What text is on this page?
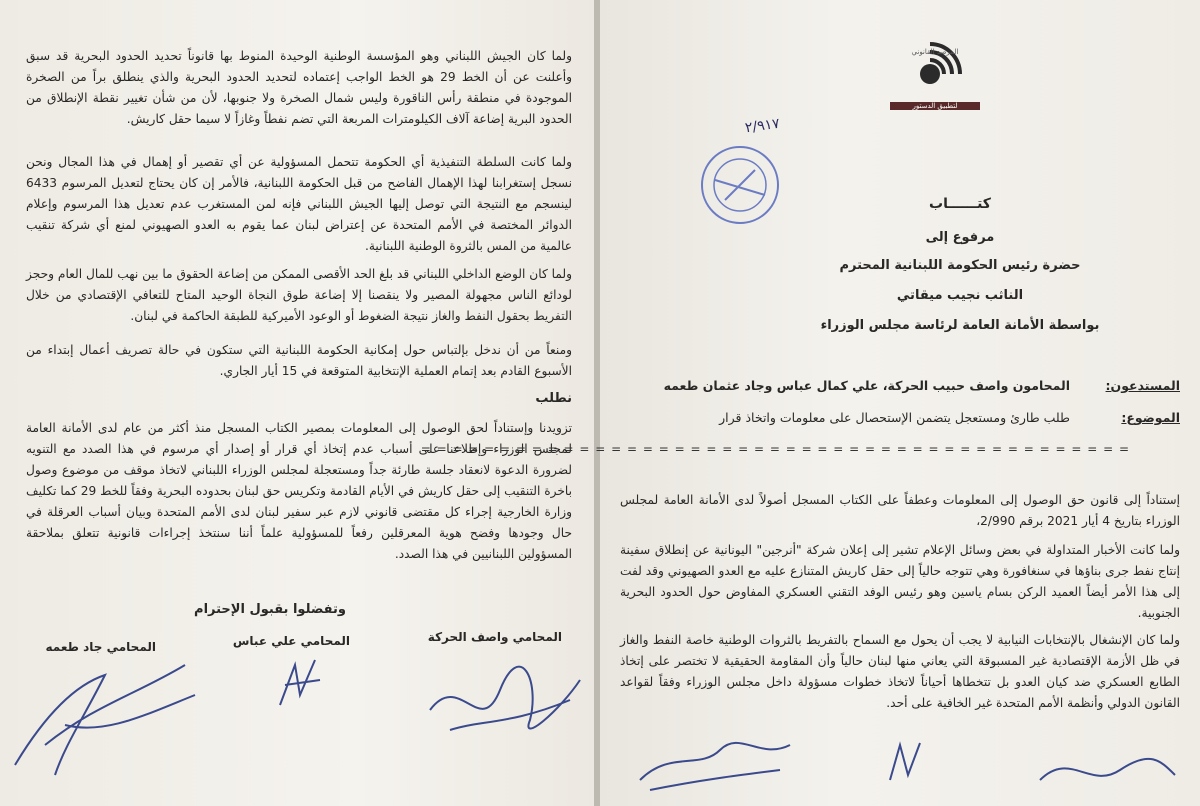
ولما كان الجيش اللبناني وهو المؤسسة الوطنية الوحيدة المنوط بها قانوناً تحديد الحدود البحرية قد سبق وأعلنت عن أن الخط 29 هو الخط الواجب إعتماده لتحديد الحدود البحرية والذي ينطلق براً من الصخرة الموجودة في منطقة رأس الناقورة وليس شمال الصخرة ولا جنوبها، لأن من شأن تغيير نقطة الإنطلاق من الحدود البرية إضاعة آلاف الكيلومترات المربعة التي تضم نفطاً وغازاً لا سيما حقل كاريش.
ولما كانت السلطة التنفيذية أي الحكومة تتحمل المسؤولية عن أي تقصير أو إهمال في هذا المجال ونحن نسجل إستغرابنا لهذا الإهمال الفاضح من قبل الحكومة اللبنانية، فالأمر إن كان يحتاج لتعديل المرسوم 6433 لينسجم مع النتيجة التي توصل إليها الجيش اللبناني فإنه لمن المستغرب عدم تعديل هذا المرسوم وإعلام الدوائر المختصة في الأمم المتحدة عن إعتراض لبنان عما يقوم به العدو الصهيوني لمنع أي شركة تنقيب عالمية من المس بالثروة الوطنية اللبنانية.
ولما كان الوضع الداخلي اللبناني قد بلغ الحد الأقصى الممكن من إضاعة الحقوق ما بين نهب للمال العام وحجز لودائع الناس مجهولة المصير ولا ينقصنا إلا إضاعة طوق النجاة الوحيد المتاح للتعافي الإقتصادي من خلال التفريط بحقول النفط والغاز نتيجة الضغوط أو الوعود الأميركية للطبقة الحاكمة في لبنان.
ومنعاً من أن ندخل بإلتباس حول إمكانية الحكومة اللبنانية التي ستكون في حالة تصريف أعمال إبتداء من الأسبوع القادم بعد إتمام العملية الإنتخابية المتوقعة في 15 أيار الجاري.
نطلب
تزويدنا وإستناداً لحق الوصول إلى المعلومات بمصير الكتاب المسجل منذ أكثر من عام لدى الأمانة العامة لمجلس الوزراء وإطلاعنا على أسباب عدم إتخاذ أي قرار أو إصدار أي مرسوم في هذا الصدد مع التنويه لضرورة الدعوة لانعقاد جلسة طارئة جداً ومستعجلة لمجلس الوزراء اللبناني لاتخاذ موقف من موضوع وصول باخرة التنقيب إلى حقل كاريش في الأيام القادمة وتكريس حق لبنان بحدوده البحرية وفقاً للخط 29 كما تكليف وزارة الخارجية إجراء كل مقتضى قانوني لازم عبر سفير لبنان لدى الأمم المتحدة وبيان أسباب العرقلة في حال وجودها وفضح هوية المعرقلين رفعاً للمسؤولية علماً أننا سنتخذ إجراءات قانونية تتعلق بملاحقة المسؤولين اللبنانيين في هذا الصدد.
وتفضلوا بقبول الإحترام
المحامي واصف الحركة
المحامي علي عباس
المحامي جاد طعمه
المرصد القانوني
لتطبيق الدستور
٢/٩١٧
كتــــــاب
مرفوع إلى
حضرة رئيس الحكومة اللبنانية المحترم
الناثب نجيب ميقاتي
بواسطة الأمانة العامة لرئاسة مجلس الوزراء
المستدعون:
المحامون واصف حبيب الحركة، علي كمال عباس وجاد عثمان طعمه
الموضوع:
طلب طارئ ومستعجل يتضمن الإستحصال على معلومات واتخاذ قرار
= = = = = = = = = = = = = = = = = = = = = = = = = = = = = = = = = = = = = = = = = = = = =
إستناداً إلى قانون حق الوصول إلى المعلومات وعطفاً على الكتاب المسجل أصولاً لدى الأمانة العامة لمجلس الوزراء بتاريخ 4 أيار 2021 برقم 2/990،
ولما كانت الأخبار المتداولة في بعض وسائل الإعلام تشير إلى إعلان شركة "أنرجين" اليونانية عن إنطلاق سفينة إنتاج نفط جرى بناؤها في سنغافورة وهي تتوجه حالياً إلى حقل كاريش المتنازع عليه مع العدو الصهيوني وقد لفت إلى هذا الأمر أيضاً العميد الركن بسام ياسين وهو رئيس الوفد التقني العسكري المفاوض حول الحدود البحرية الجنوبية.
ولما كان الإنشغال بالإنتخابات النيابية لا يجب أن يحول مع السماح بالتفريط بالثروات الوطنية خاصة النفط والغاز في ظل الأزمة الإقتصادية غير المسبوقة التي يعاني منها لبنان حالياً وأن المقاومة الحقيقية لا تختصر على إتخاذ الطابع العسكري ضد كيان العدو بل تتخطاها أحياناً لاتخاذ خطوات مسؤولة داخل مجلس الوزراء وفقاً لقواعد القانون الدولي وأنظمة الأمم المتحدة غير الخافية على أحد.
